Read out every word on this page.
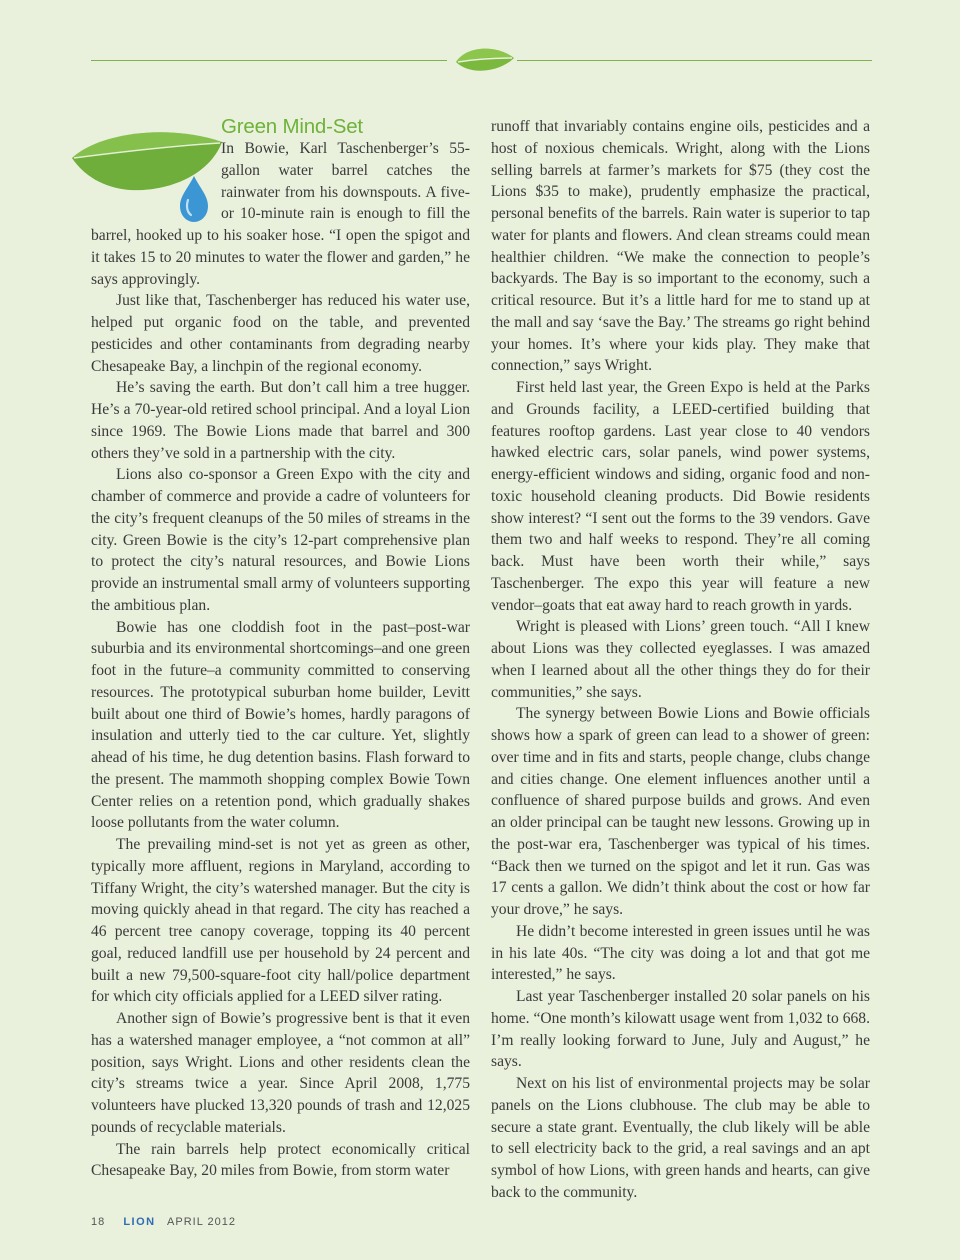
Green Mind-Set

In Bowie, Karl Taschenberger’s 55-gallon water barrel catches the rainwater from his downspouts. A five- or 10-minute rain is enough to fill the barrel, hooked up to his soaker hose. “I open the spigot and it takes 15 to 20 minutes to water the flower and garden,” he says approvingly.

Just like that, Taschenberger has reduced his water use, helped put organic food on the table, and prevented pesticides and other contaminants from degrading nearby Chesapeake Bay, a linchpin of the regional economy.

He’s saving the earth. But don’t call him a tree hugger. He’s a 70-year-old retired school principal. And a loyal Lion since 1969. The Bowie Lions made that barrel and 300 others they’ve sold in a partnership with the city.

Lions also co-sponsor a Green Expo with the city and chamber of commerce and provide a cadre of volunteers for the city’s frequent cleanups of the 50 miles of streams in the city. Green Bowie is the city’s 12-part comprehensive plan to protect the city’s natural resources, and Bowie Lions provide an instrumental small army of volunteers supporting the ambitious plan.

Bowie has one cloddish foot in the past–post-war suburbia and its environmental shortcomings–and one green foot in the future–a community committed to conserving resources. The prototypical suburban home builder, Levitt built about one third of Bowie’s homes, hardly paragons of insulation and utterly tied to the car culture. Yet, slightly ahead of his time, he dug detention basins. Flash forward to the present. The mammoth shopping complex Bowie Town Center relies on a retention pond, which gradually shakes loose pollutants from the water column.

The prevailing mind-set is not yet as green as other, typically more affluent, regions in Maryland, according to Tiffany Wright, the city’s watershed manager. But the city is moving quickly ahead in that regard. The city has reached a 46 percent tree canopy coverage, topping its 40 percent goal, reduced landfill use per household by 24 percent and built a new 79,500-square-foot city hall/police department for which city officials applied for a LEED silver rating.

Another sign of Bowie’s progressive bent is that it even has a watershed manager employee, a “not common at all” position, says Wright. Lions and other residents clean the city’s streams twice a year. Since April 2008, 1,775 volunteers have plucked 13,320 pounds of trash and 12,025 pounds of recyclable materials.

The rain barrels help protect economically critical Chesapeake Bay, 20 miles from Bowie, from storm water

runoff that invariably contains engine oils, pesticides and a host of noxious chemicals. Wright, along with the Lions selling barrels at farmer’s markets for $75 (they cost the Lions $35 to make), prudently emphasize the practical, personal benefits of the barrels. Rain water is superior to tap water for plants and flowers. And clean streams could mean healthier children. “We make the connection to people’s backyards. The Bay is so important to the economy, such a critical resource. But it’s a little hard for me to stand up at the mall and say ‘save the Bay.’ The streams go right behind your homes. It’s where your kids play. They make that connection,” says Wright.

First held last year, the Green Expo is held at the Parks and Grounds facility, a LEED-certified building that features rooftop gardens. Last year close to 40 vendors hawked electric cars, solar panels, wind power systems, energy-efficient windows and siding, organic food and non-toxic household cleaning products. Did Bowie residents show interest? “I sent out the forms to the 39 vendors. Gave them two and half weeks to respond. They’re all coming back. Must have been worth their while,” says Taschenberger. The expo this year will feature a new vendor–goats that eat away hard to reach growth in yards.

Wright is pleased with Lions’ green touch. “All I knew about Lions was they collected eyeglasses. I was amazed when I learned about all the other things they do for their communities,” she says.

The synergy between Bowie Lions and Bowie officials shows how a spark of green can lead to a shower of green: over time and in fits and starts, people change, clubs change and cities change. One element influences another until a confluence of shared purpose builds and grows. And even an older principal can be taught new lessons. Growing up in the post-war era, Taschenberger was typical of his times. “Back then we turned on the spigot and let it run. Gas was 17 cents a gallon. We didn’t think about the cost or how far your drove,” he says.

He didn’t become interested in green issues until he was in his late 40s. “The city was doing a lot and that got me interested,” he says.

Last year Taschenberger installed 20 solar panels on his home. “One month’s kilowatt usage went from 1,032 to 668. I’m really looking forward to June, July and August,” he says.

Next on his list of environmental projects may be solar panels on the Lions clubhouse. The club may be able to secure a state grant. Eventually, the club likely will be able to sell electricity back to the grid, a real savings and an apt symbol of how Lions, with green hands and hearts, can give back to the community.

18 LION APRIL 2012
